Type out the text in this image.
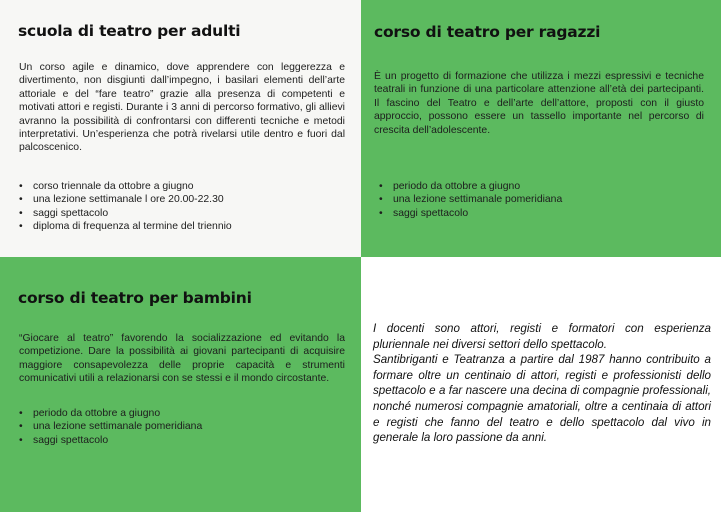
scuola di teatro per adulti

Un corso agile e dinamico, dove apprendere con leggerezza e divertimento, non disgiunti dall’impegno, i basilari elementi dell’arte attoriale e del “fare teatro” grazie alla presenza di competenti e motivati attori e registi. Durante i 3 anni di percorso formativo, gli allievi avranno la possibilità di confrontarsi con differenti tecniche e metodi interpretativi. Un’esperienza che potrà rivelarsi utile dentro e fuori dal palcoscenico.

• corso triennale da ottobre a giugno
• una lezione settimanale l ore 20.00-22.30
• saggi spettacolo
• diploma di frequenza al termine del triennio
corso di teatro per ragazzi

È un progetto di formazione che utilizza i mezzi espressivi e tecniche teatrali in funzione di una particolare attenzione all’età dei partecipanti. Il fascino del Teatro e dell’arte dell’attore, proposti con il giusto approccio, possono essere un tassello importante nel percorso di crescita dell’adolescente.

• periodo da ottobre a giugno
• una lezione settimanale pomeridiana
• saggi spettacolo
corso di teatro per bambini

“Giocare al teatro” favorendo la socializzazione ed evitando la competizione. Dare la possibilità ai giovani partecipanti di acquisire maggiore consapevolezza delle proprie capacità e strumenti comunicativi utili a relazionarsi con se stessi e il mondo circostante.

• periodo da ottobre a giugno
• una lezione settimanale pomeridiana
• saggi spettacolo

I docenti sono attori, registi e formatori con esperienza pluriennale nei diversi settori dello spettacolo.

Santibriganti e Teatranza a partire dal 1987 hanno contribuito a formare oltre un centinaio di attori, registi e professionisti dello spettacolo e a far nascere una decina di compagnie professionali, nonché numerosi compagnie amatoriali, oltre a centinaia di attori e registi che fanno del teatro e dello spettacolo dal vivo in generale la loro passione da anni.
